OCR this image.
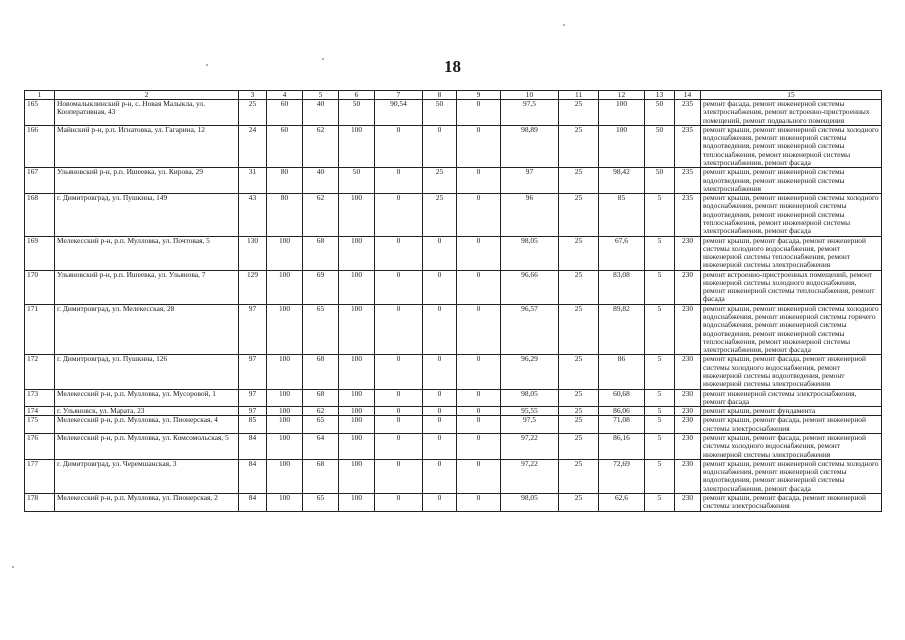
18
1	2	3	4	5	6	7	8	9	10	11	12	13	14	15
165	Новомалыклинский р-н, с. Новая Малыкла, ул. Кооперативная, 43	25	60	40	50	90,54	50	0	97,5	25	100	50	235	ремонт фасада, ремонт инженерной системы электроснабжения, ремонт встроенно-пристроенных помещений, ремонт подвального помещения
166	Майнский р-н, р.п. Игнатовка, ул. Гагарина, 12	24	60	62	100	0	0	0	98,89	25	100	50	235	ремонт крыши, ремонт инженерной системы холодного водоснабжения, ремонт инженерной системы водоотведения, ремонт инженерной системы теплоснабжения, ремонт инженерной системы электроснабжения, ремонт фасада
167	Ульяновский р-н, р.п. Ишеевка, ул. Кирова, 29	31	80	40	50	0	25	0	97	25	98,42	50	235	ремонт крыши, ремонт инженерной системы водоотведения, ремонт инженерной системы электроснабжения
168	г. Димитровград, ул. Пушкина, 149	43	80	62	100	0	25	0	96	25	85	5	235	ремонт крыши, ремонт инженерной системы холодного водоснабжения, ремонт инженерной системы водоотведения, ремонт инженерной системы теплоснабжения, ремонт инженерной системы электроснабжения, ремонт фасада
169	Мелекесский р-н, р.п. Мулловка, ул. Почтовая, 5	130	100	68	100	0	0	0	98,05	25	67,6	5	230	ремонт крыши, ремонт фасада, ремонт инженерной системы холодного водоснабжения, ремонт инженерной системы теплоснабжения, ремонт инженерной системы электроснабжения
170	Ульяновский р-н, р.п. Ишеевка, ул. Ульянова, 7	129	100	69	100	0	0	0	96,66	25	83,08	5	230	ремонт встроенно-пристроенных помещений, ремонт инженерной системы холодного водоснабжения, ремонт инженерной системы теплоснабжения, ремонт фасада
171	г. Димитровград, ул. Мелекесская, 28	97	100	65	100	0	0	0	96,57	25	89,82	5	230	ремонт крыши, ремонт инженерной системы холодного водоснабжения, ремонт инженерной системы горячего водоснабжения, ремонт инженерной системы водоотведения, ремонт инженерной системы теплоснабжения, ремонт инженерной системы электроснабжения, ремонт фасада
172	г. Димитровград, ул. Пушкина, 126	97	100	68	100	0	0	0	96,29	25	86	5	230	ремонт крыши, ремонт фасада, ремонт инженерной системы холодного водоснабжения, ремонт инженерной системы водоотведения, ремонт инженерной системы электроснабжения
173	Мелекесский р-н, р.п. Мулловка, ул. Мусоровой, 1	97	100	68	100	0	0	0	98,05	25	60,68	5	230	ремонт инженерной системы электроснабжения, ремонт фасада
174	г. Ульяновск, ул. Марата, 23	97	100	62	100	0	0	0	95,55	25	86,06	5	230	ремонт крыши, ремонт фундамента
175	Мелекесский р-н, р.п. Мулловка, ул. Пионерская, 4	85	100	65	100	0	0	0	97,5	25	71,08	5	230	ремонт крыши, ремонт фасада, ремонт инженерной системы электроснабжения
176	Мелекесский р-н, р.п. Мулловка, ул. Комсомольская, 5	84	100	64	100	0	0	0	97,22	25	86,16	5	230	ремонт крыши, ремонт фасада, ремонт инженерной системы холодного водоснабжения, ремонт инженерной системы электроснабжения
177	г. Димитровград, ул. Черемшанская, 3	84	100	68	100	0	0	0	97,22	25	72,69	5	230	ремонт крыши, ремонт инженерной системы холодного водоснабжения, ремонт инженерной системы водоотведения, ремонт инженерной системы электроснабжения, ремонт фасада
178	Мелекесский р-н, р.п. Мулловка, ул. Пионерская, 2	84	100	65	100	0	0	0	98,05	25	62,6	5	230	ремонт крыши, ремонт фасада, ремонт инженерной системы электроснабжения
